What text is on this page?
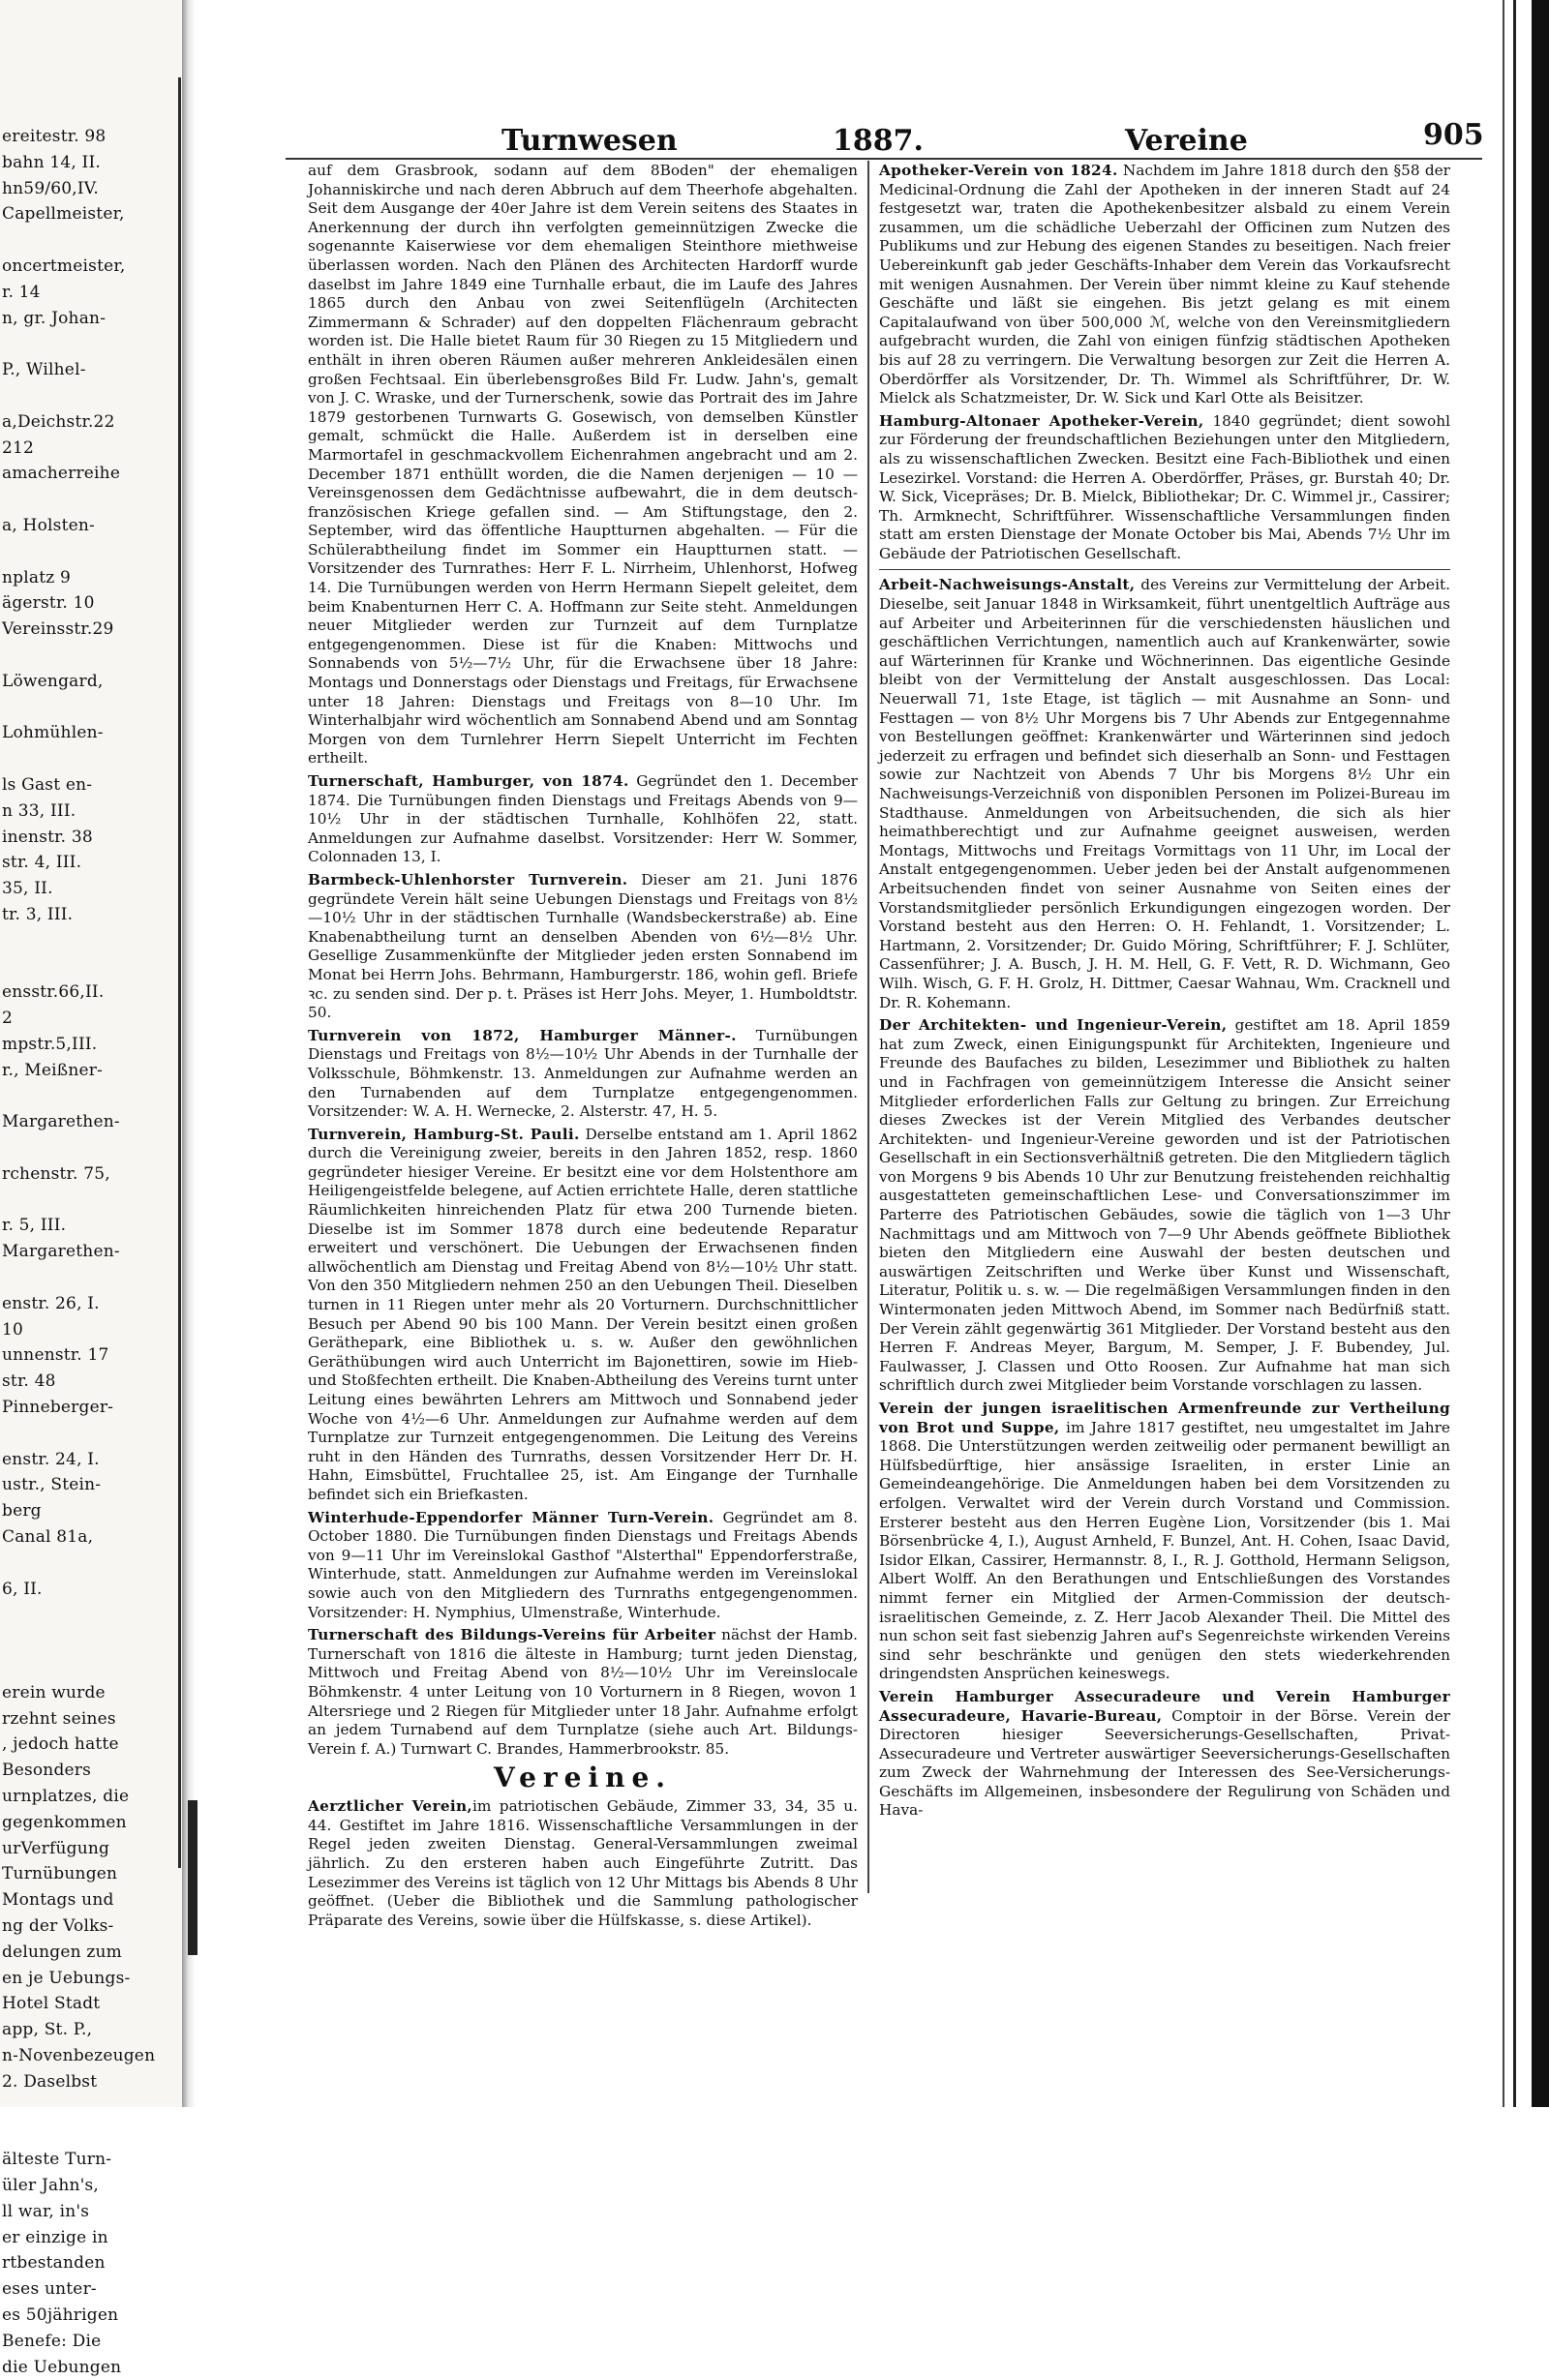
ereitestr. 98
bahn 14, II.
hn59/60,IV.
Capellmeister,

oncertmeister,
r. 14
n, gr. Johan-

P., Wilhel-

a,Deichstr.22
212
amacherreihe

a, Holsten-

nplatz 9
ägerstr. 10
Vereinsstr.29

Löwengard,

Lohmühlen-

ls Gast en-
n 33, III.
inenstr. 38
str. 4, III.
35, II.
tr. 3, III.

ensstr.66,II.
2
mpstr.5,III.
r., Meißner-

Margarethen-

rchenstr. 75,

r. 5, III.
Margarethen-

enstr. 26, I.
10
unnenstr. 17
str. 48
Pinneberger-

enstr. 24, I.
ustr., Stein-
berg
Canal 81a,

6, II.

erein wurde
rzehnt seines
, jedoch hatte
Besonders
urnplatzes, die
gegenkommen
urVerfügung
Turnübungen
Montags und
ng der Volks-
delungen zum
en je Uebungs-
Hotel Stadt
app, St. P.,
n-Novenbezeugen
2. Daselbst

älteste Turn-
üler Jahn's,
ll war, in's
er einzige in
rtbestanden
eses unter-
es 50jährigen
Benefe: Die
die Uebungen
Turnwesen	1887.	Vereine	905

auf dem Grasbrook, sodann auf dem 8Boden" der ehemaligen Johanniskirche und nach deren Abbruch auf dem Theerhofe abgehalten. Seit dem Ausgange der 40er Jahre ist dem Verein seitens des Staates in Anerkennung der durch ihn verfolgten gemeinnützigen Zwecke die sogenannte Kaiserwiese vor dem ehemaligen Steinthore miethweise überlassen worden. Nach den Plänen des Architecten Hardorff wurde daselbst im Jahre 1849 eine Turnhalle erbaut, die im Laufe des Jahres 1865 durch den Anbau von zwei Seitenflügeln (Architecten Zimmermann & Schrader) auf den doppelten Flächenraum gebracht worden ist. Die Halle bietet Raum für 30 Riegen zu 15 Mitgliedern und enthält in ihren oberen Räumen außer mehreren Ankleidesälen einen großen Fechtsaal. Ein überlebensgroßes Bild Fr. Ludw. Jahn's, gemalt von J. C. Wraske, und der Turnerschenk, sowie das Portrait des im Jahre 1879 gestorbenen Turnwarts G. Gosewisch, von demselben Künstler gemalt, schmückt die Halle. Außerdem ist in derselben eine Marmortafel in geschmackvollem Eichenrahmen angebracht und am 2. December 1871 enthüllt worden, die die Namen derjenigen — 10 — Vereinsgenossen dem Gedächtnisse aufbewahrt, die in dem deutsch-französischen Kriege gefallen sind. — Am Stiftungstage, den 2. September, wird das öffentliche Hauptturnen abgehalten. — Für die Schülerabtheilung findet im Sommer ein Hauptturnen statt. — Vorsitzender des Turnrathes: Herr F. L. Nirrheim, Uhlenhorst, Hofweg 14. Die Turnübungen werden von Herrn Hermann Siepelt geleitet, dem beim Knabenturnen Herr C. A. Hoffmann zur Seite steht. Anmeldungen neuer Mitglieder werden zur Turnzeit auf dem Turnplatze entgegengenommen. Diese ist für die Knaben: Mittwochs und Sonnabends von 5½—7½ Uhr, für die Erwachsene über 18 Jahre: Montags und Donnerstags oder Dienstags und Freitags, für Erwachsene unter 18 Jahren: Dienstags und Freitags von 8—10 Uhr. Im Winterhalbjahr wird wöchentlich am Sonnabend Abend und am Sonntag Morgen von dem Turnlehrer Herrn Siepelt Unterricht im Fechten ertheilt.

Turnerschaft, Hamburger, von 1874. Gegründet den 1. December 1874. Die Turnübungen finden Dienstags und Freitags Abends von 9—10½ Uhr in der städtischen Turnhalle, Kohlhöfen 22, statt. Anmeldungen zur Aufnahme daselbst. Vorsitzender: Herr W. Sommer, Colonnaden 13, I.

Barmbeck-Uhlenhorster Turnverein. Dieser am 21. Juni 1876 gegründete Verein hält seine Uebungen Dienstags und Freitags von 8½—10½ Uhr in der städtischen Turnhalle (Wandsbeckerstraße) ab. Eine Knabenabtheilung turnt an denselben Abenden von 6½—8½ Uhr. Gesellige Zusammenkünfte der Mitglieder jeden ersten Sonnabend im Monat bei Herrn Johs. Behrmann, Hamburgerstr. 186, wohin gefl. Briefe ꝛc. zu senden sind. Der p. t. Präses ist Herr Johs. Meyer, 1. Humboldtstr. 50.

Turnverein von 1872, Hamburger Männer-. Turnübungen Dienstags und Freitags von 8½—10½ Uhr Abends in der Turnhalle der Volksschule, Böhmkenstr. 13. Anmeldungen zur Aufnahme werden an den Turnabenden auf dem Turnplatze entgegengenommen. Vorsitzender: W. A. H. Wernecke, 2. Alsterstr. 47, H. 5.

Turnverein, Hamburg-St. Pauli. Derselbe entstand am 1. April 1862 durch die Vereinigung zweier, bereits in den Jahren 1852, resp. 1860 gegründeter hiesiger Vereine. Er besitzt eine vor dem Holstenthore am Heiligengeistfelde belegene, auf Actien errichtete Halle, deren stattliche Räumlichkeiten hinreichenden Platz für etwa 200 Turnende bieten. Dieselbe ist im Sommer 1878 durch eine bedeutende Reparatur erweitert und verschönert. Die Uebungen der Erwachsenen finden allwöchentlich am Dienstag und Freitag Abend von 8½—10½ Uhr statt. Von den 350 Mitgliedern nehmen 250 an den Uebungen Theil. Dieselben turnen in 11 Riegen unter mehr als 20 Vorturnern. Durchschnittlicher Besuch per Abend 90 bis 100 Mann. Der Verein besitzt einen großen Geräthepark, eine Bibliothek u. s. w. Außer den gewöhnlichen Geräthübungen wird auch Unterricht im Bajonettiren, sowie im Hieb- und Stoßfechten ertheilt. Die Knaben-Abtheilung des Vereins turnt unter Leitung eines bewährten Lehrers am Mittwoch und Sonnabend jeder Woche von 4½—6 Uhr. Anmeldungen zur Aufnahme werden auf dem Turnplatze zur Turnzeit entgegengenommen. Die Leitung des Vereins ruht in den Händen des Turnraths, dessen Vorsitzender Herr Dr. H. Hahn, Eimsbüttel, Fruchtallee 25, ist. Am Eingange der Turnhalle befindet sich ein Briefkasten.

Winterhude-Eppendorfer Männer Turn-Verein. Gegründet am 8. October 1880. Die Turnübungen finden Dienstags und Freitags Abends von 9—11 Uhr im Vereinslokal Gasthof "Alsterthal" Eppendorferstraße, Winterhude, statt. Anmeldungen zur Aufnahme werden im Vereinslokal sowie auch von den Mitgliedern des Turnraths entgegengenommen. Vorsitzender: H. Nymphius, Ulmenstraße, Winterhude.

Turnerschaft des Bildungs-Vereins für Arbeiter nächst der Hamb. Turnerschaft von 1816 die älteste in Hamburg; turnt jeden Dienstag, Mittwoch und Freitag Abend von 8½—10½ Uhr im Vereinslocale Böhmkenstr. 4 unter Leitung von 10 Vorturnern in 8 Riegen, wovon 1 Altersriege und 2 Riegen für Mitglieder unter 18 Jahr. Aufnahme erfolgt an jedem Turnabend auf dem Turnplatze (siehe auch Art. Bildungs-Verein f. A.) Turnwart C. Brandes, Hammerbrookstr. 85.

Vereine.

Aerztlicher Verein,im patriotischen Gebäude, Zimmer 33, 34, 35 u. 44. Gestiftet im Jahre 1816. Wissenschaftliche Versammlungen in der Regel jeden zweiten Dienstag. General-Versammlungen zweimal jährlich. Zu den ersteren haben auch Eingeführte Zutritt. Das Lesezimmer des Vereins ist täglich von 12 Uhr Mittags bis Abends 8 Uhr geöffnet. (Ueber die Bibliothek und die Sammlung pathologischer Präparate des Vereins, sowie über die Hülfskasse, s. diese Artikel).

Apotheker-Verein von 1824. Nachdem im Jahre 1818 durch den §58 der Medicinal-Ordnung die Zahl der Apotheken in der inneren Stadt auf 24 festgesetzt war, traten die Apothekenbesitzer alsbald zu einem Verein zusammen, um die schädliche Ueberzahl der Officinen zum Nutzen des Publikums und zur Hebung des eigenen Standes zu beseitigen. Nach freier Uebereinkunft gab jeder Geschäfts-Inhaber dem Verein das Vorkaufsrecht mit wenigen Ausnahmen. Der Verein über nimmt kleine zu Kauf stehende Geschäfte und läßt sie eingehen. Bis jetzt gelang es mit einem Capitalaufwand von über 500,000 ℳ, welche von den Vereinsmitgliedern aufgebracht wurden, die Zahl von einigen fünfzig städtischen Apotheken bis auf 28 zu verringern. Die Verwaltung besorgen zur Zeit die Herren A. Oberdörffer als Vorsitzender, Dr. Th. Wimmel als Schriftführer, Dr. W. Mielck als Schatzmeister, Dr. W. Sick und Karl Otte als Beisitzer.

Hamburg-Altonaer Apotheker-Verein, 1840 gegründet; dient sowohl zur Förderung der freundschaftlichen Beziehungen unter den Mitgliedern, als zu wissenschaftlichen Zwecken. Besitzt eine Fach-Bibliothek und einen Lesezirkel. Vorstand: die Herren A. Oberdörffer, Präses, gr. Burstah 40; Dr. W. Sick, Vicepräses; Dr. B. Mielck, Bibliothekar; Dr. C. Wimmel jr., Cassirer; Th. Armknecht, Schriftführer. Wissenschaftliche Versammlungen finden statt am ersten Dienstage der Monate October bis Mai, Abends 7½ Uhr im Gebäude der Patriotischen Gesellschaft.

Arbeit-Nachweisungs-Anstalt, des Vereins zur Vermittelung der Arbeit. Dieselbe, seit Januar 1848 in Wirksamkeit, führt unentgeltlich Aufträge aus auf Arbeiter und Arbeiterinnen für die verschiedensten häuslichen und geschäftlichen Verrichtungen, namentlich auch auf Krankenwärter, sowie auf Wärterinnen für Kranke und Wöchnerinnen. Das eigentliche Gesinde bleibt von der Vermittelung der Anstalt ausgeschlossen. Das Local: Neuerwall 71, 1ste Etage, ist täglich — mit Ausnahme an Sonn- und Festtagen — von 8½ Uhr Morgens bis 7 Uhr Abends zur Entgegennahme von Bestellungen geöffnet: Krankenwärter und Wärterinnen sind jedoch jederzeit zu erfragen und befindet sich dieserhalb an Sonn- und Festtagen sowie zur Nachtzeit von Abends 7 Uhr bis Morgens 8½ Uhr ein Nachweisungs-Verzeichniß von disponiblen Personen im Polizei-Bureau im Stadthause. Anmeldungen von Arbeitsuchenden, die sich als hier heimathberechtigt und zur Aufnahme geeignet ausweisen, werden Montags, Mittwochs und Freitags Vormittags von 11 Uhr, im Local der Anstalt entgegengenommen. Ueber jeden bei der Anstalt aufgenommenen Arbeitsuchenden findet von seiner Ausnahme von Seiten eines der Vorstandsmitglieder persönlich Erkundigungen eingezogen worden. Der Vorstand besteht aus den Herren: O. H. Fehlandt, 1. Vorsitzender; L. Hartmann, 2. Vorsitzender; Dr. Guido Möring, Schriftführer; F. J. Schlüter, Cassenführer; J. A. Busch, J. H. M. Hell, G. F. Vett, R. D. Wichmann, Geo Wilh. Wisch, G. F. H. Grolz, H. Dittmer, Caesar Wahnau, Wm. Cracknell und Dr. R. Kohemann.

Der Architekten- und Ingenieur-Verein, gestiftet am 18. April 1859 hat zum Zweck, einen Einigungspunkt für Architekten, Ingenieure und Freunde des Baufaches zu bilden, Lesezimmer und Bibliothek zu halten und in Fachfragen von gemeinnützigem Interesse die Ansicht seiner Mitglieder erforderlichen Falls zur Geltung zu bringen. Zur Erreichung dieses Zweckes ist der Verein Mitglied des Verbandes deutscher Architekten- und Ingenieur-Vereine geworden und ist der Patriotischen Gesellschaft in ein Sectionsverhältniß getreten. Die den Mitgliedern täglich von Morgens 9 bis Abends 10 Uhr zur Benutzung freistehenden reichhaltig ausgestatteten gemeinschaftlichen Lese- und Conversationszimmer im Parterre des Patriotischen Gebäudes, sowie die täglich von 1—3 Uhr Nachmittags und am Mittwoch von 7—9 Uhr Abends geöffnete Bibliothek bieten den Mitgliedern eine Auswahl der besten deutschen und auswärtigen Zeitschriften und Werke über Kunst und Wissenschaft, Literatur, Politik u. s. w. — Die regelmäßigen Versammlungen finden in den Wintermonaten jeden Mittwoch Abend, im Sommer nach Bedürfniß statt. Der Verein zählt gegenwärtig 361 Mitglieder. Der Vorstand besteht aus den Herren F. Andreas Meyer, Bargum, M. Semper, J. F. Bubendey, Jul. Faulwasser, J. Classen und Otto Roosen. Zur Aufnahme hat man sich schriftlich durch zwei Mitglieder beim Vorstande vorschlagen zu lassen.

Verein der jungen israelitischen Armenfreunde zur Vertheilung von Brot und Suppe, im Jahre 1817 gestiftet, neu umgestaltet im Jahre 1868. Die Unterstützungen werden zeitweilig oder permanent bewilligt an Hülfsbedürftige, hier ansässige Israeliten, in erster Linie an Gemeindeangehörige. Die Anmeldungen haben bei dem Vorsitzenden zu erfolgen. Verwaltet wird der Verein durch Vorstand und Commission. Ersterer besteht aus den Herren Eugène Lion, Vorsitzender (bis 1. Mai Börsenbrücke 4, I.), August Arnheld, F. Bunzel, Ant. H. Cohen, Isaac David, Isidor Elkan, Cassirer, Hermannstr. 8, I., R. J. Gotthold, Hermann Seligson, Albert Wolff. An den Berathungen und Entschließungen des Vorstandes nimmt ferner ein Mitglied der Armen-Commission der deutsch-israelitischen Gemeinde, z. Z. Herr Jacob Alexander Theil. Die Mittel des nun schon seit fast siebenzig Jahren auf's Segenreichste wirkenden Vereins sind sehr beschränkte und genügen den stets wiederkehrenden dringendsten Ansprüchen keineswegs.

Verein Hamburger Assecuradeure und Verein Hamburger Assecuradeure, Havarie-Bureau, Comptoir in der Börse. Verein der Directoren hiesiger Seeversicherungs-Gesellschaften, Privat-Assecuradeure und Vertreter auswärtiger Seeversicherungs-Gesellschaften zum Zweck der Wahrnehmung der Interessen des See-Versicherungs-Geschäfts im Allgemeinen, insbesondere der Regulirung von Schäden und Hava-
